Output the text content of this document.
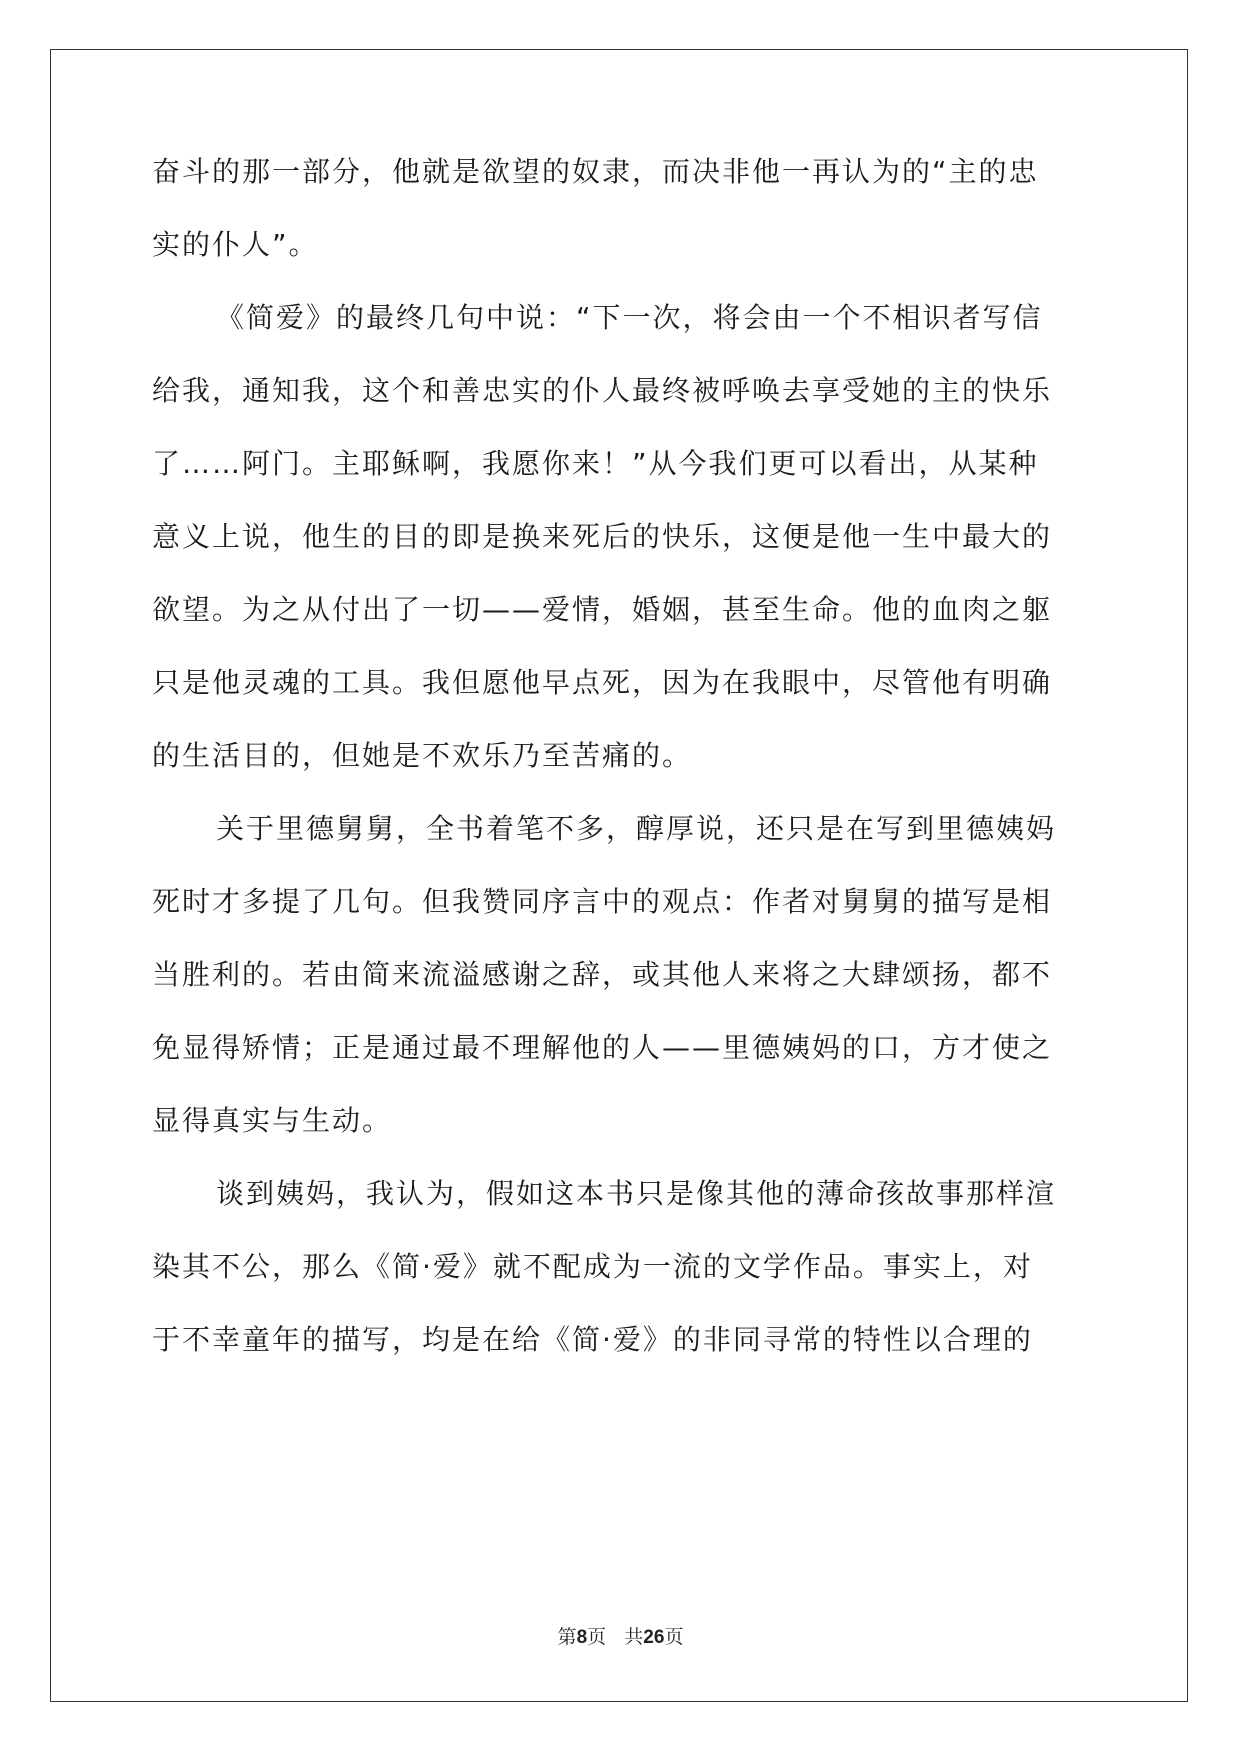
奋斗的那一部分，他就是欲望的奴隶，而决非他一再认为的“主的忠
实的仆人”。
《简爱》的最终几句中说：“下一次，将会由一个不相识者写信
给我，通知我，这个和善忠实的仆人最终被呼唤去享受她的主的快乐
了……阿门。主耶稣啊，我愿你来！”从今我们更可以看出，从某种
意义上说，他生的目的即是换来死后的快乐，这便是他一生中最大的
欲望。为之从付出了一切——爱情，婚姻，甚至生命。他的血肉之躯
只是他灵魂的工具。我但愿他早点死，因为在我眼中，尽管他有明确
的生活目的，但她是不欢乐乃至苦痛的。
关于里德舅舅，全书着笔不多，醇厚说，还只是在写到里德姨妈
死时才多提了几句。但我赞同序言中的观点：作者对舅舅的描写是相
当胜利的。若由简来流溢感谢之辞，或其他人来将之大肆颂扬，都不
免显得矫情；正是通过最不理解他的人——里德姨妈的口，方才使之
显得真实与生动。
谈到姨妈，我认为，假如这本书只是像其他的薄命孩故事那样渲
染其不公，那么《简·爱》就不配成为一流的文学作品。事实上，对
于不幸童年的描写，均是在给《简·爱》的非同寻常的特性以合理的
第8页 共26页
